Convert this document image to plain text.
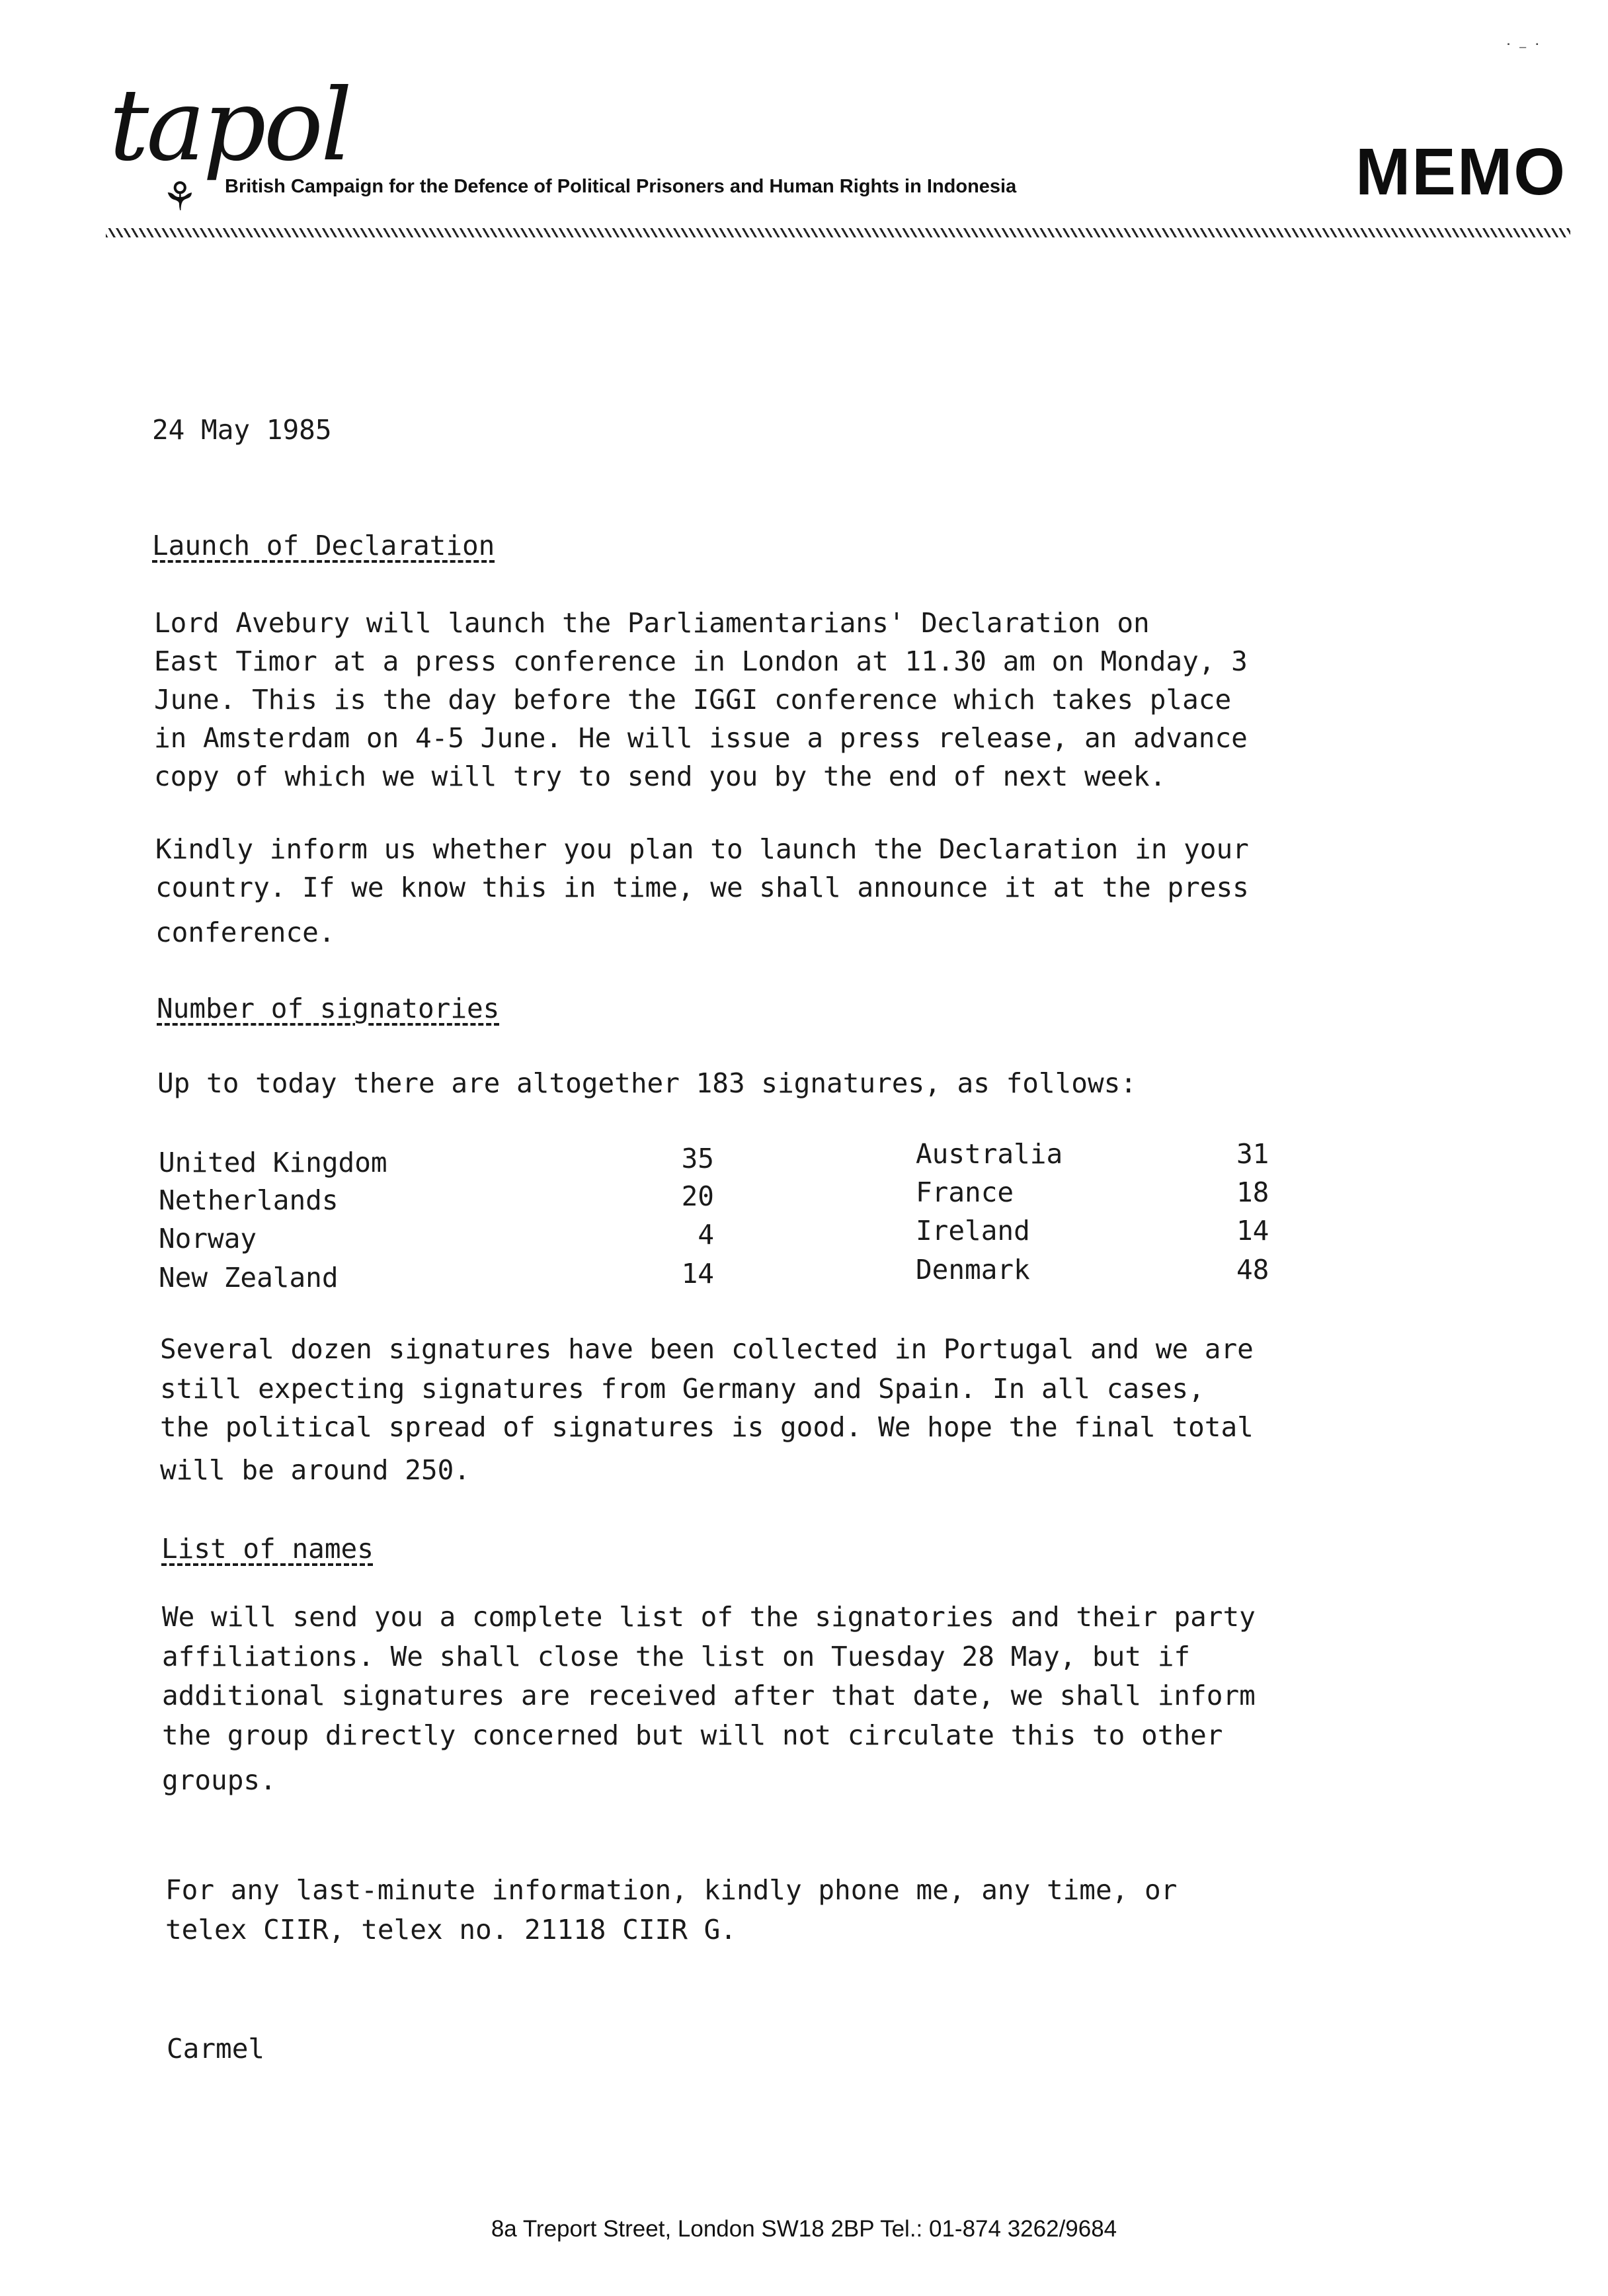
tapol
⚘ British Campaign for the Defence of Political Prisoners and Human Rights in Indonesia	MEMO
˙ ⁻ ˙
24 May 1985
Launch of Declaration
Lord Avebury will launch the Parliamentarians' Declaration on
East Timor at a press conference in London at 11.30 am on Monday, 3
June. This is the day before the IGGI conference which takes place
in Amsterdam on 4-5 June. He will issue a press release, an advance
copy of which we will try to send you by the end of next week.
Kindly inform us whether you plan to launch the Declaration in your
country. If we know this in time, we shall announce it at the press
conference.
Number of signatories
Up to today there are altogether 183 signatures, as follows:
United Kingdom	35
Netherlands	20
Norway	4
New Zealand	14
Australia	31
France	18
Ireland	14
Denmark	48
Several dozen signatures have been collected in Portugal and we are
still expecting signatures from Germany and Spain. In all cases,
the political spread of signatures is good. We hope the final total
will be around 250.
List of names
We will send you a complete list of the signatories and their party
affiliations. We shall close the list on Tuesday 28 May, but if
additional signatures are received after that date, we shall inform
the group directly concerned but will not circulate this to other
groups.
For any last-minute information, kindly phone me, any time, or
telex CIIR, telex no. 21118 CIIR G.
Carmel
8a Treport Street, London SW18 2BP Tel.: 01-874 3262/9684
